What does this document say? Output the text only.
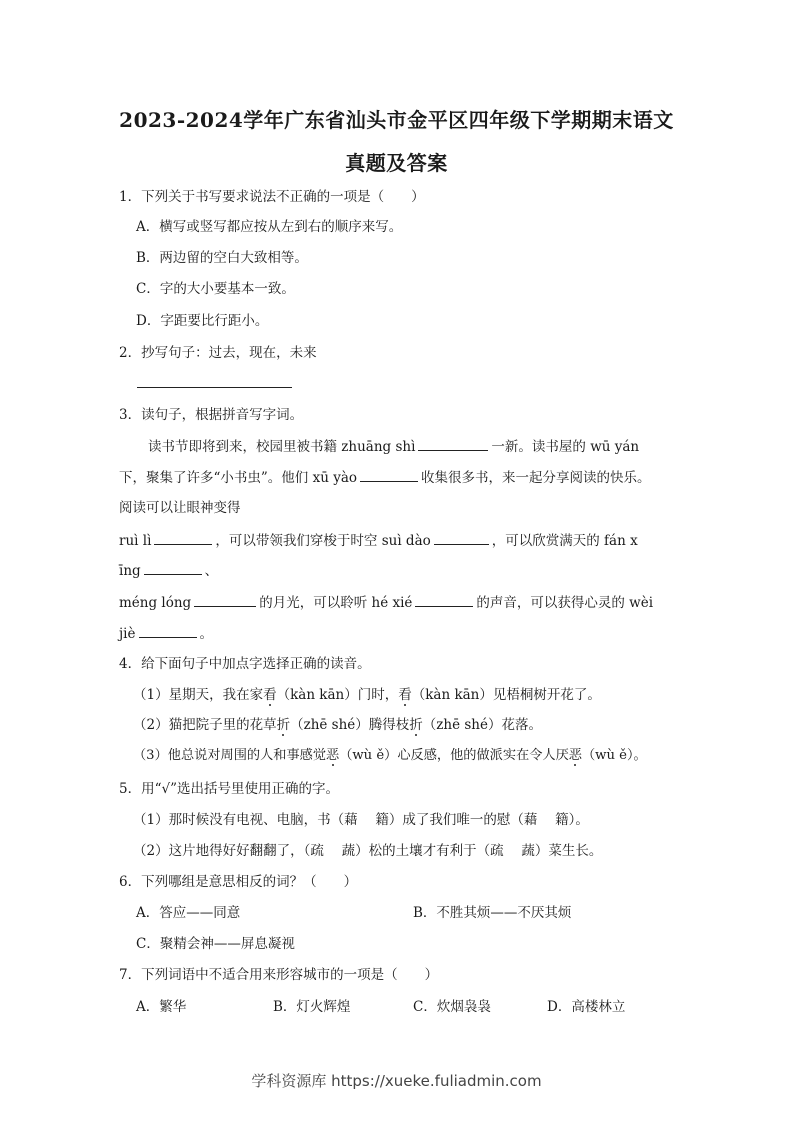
2023-2024学年广东省汕头市金平区四年级下学期期末语文
真题及答案
1．下列关于书写要求说法不正确的一项是（　　）
A．横写或竖写都应按从左到右的顺序来写。
B．两边留的空白大致相等。
C．字的大小要基本一致。
D．字距要比行距小。
2．抄写句子：过去，现在，未来
3．读句子，根据拼音写字词。
读书节即将到来，校园里被书籍 zhuāng shì	一新。读书屋的 wū yán
下，聚集了许多“小书虫”。他们 xū yào	收集很多书，来一起分享阅读的快乐。
阅读可以让眼神变得
ruì lì	，可以带领我们穿梭于时空 suì dào	，可以欣赏满天的 fán x
īng	、
méng lóng	的月光，可以聆听 hé xié	的声音，可以获得心灵的 wèi
jiè	。
4．给下面句子中加点字选择正确的读音。
（1）星期天，我在家看（kàn kān）门时，看（kàn kān）见梧桐树开花了。
（2）猫把院子里的花草折（zhē shé）腾得枝折（zhē shé）花落。
（3）他总说对周围的人和事感觉恶（wù ě）心反感，他的做派实在令人厌恶（wù ě）。
5．用“√”选出括号里使用正确的字。
（1）那时候没有电视、电脑，书（藉　 籍）成了我们唯一的慰（藉　 籍）。
（2）这片地得好好翻翻了，（疏　 蔬）松的土壤才有利于（疏　 蔬）菜生长。
6．下列哪组是意思相反的词？（　　）
A．答应——同意	B．不胜其烦——不厌其烦
C．聚精会神——屏息凝视
7．下列词语中不适合用来形容城市的一项是（　　）
A．繁华	B．灯火辉煌	C．炊烟袅袅	D．高楼林立
学科资源库 https://xueke.fuliadmin.com
